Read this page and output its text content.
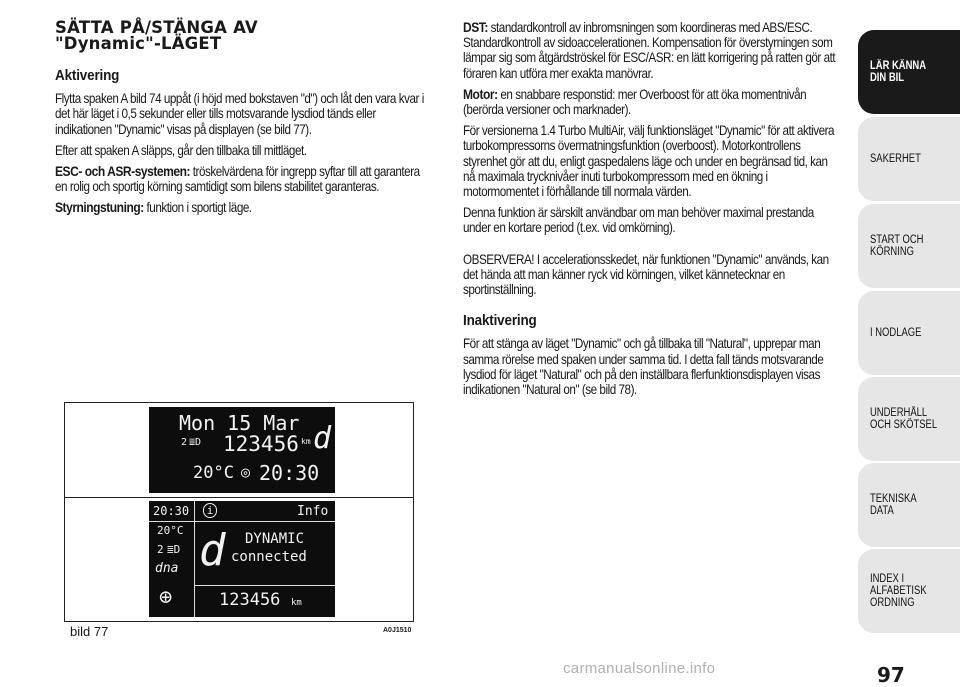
SÄTTA PÅ/STÄNGA AV
"Dynamic"-LÄGET
Aktivering

Flytta spaken A bild 74 uppåt (i höjd med bokstaven "d") och låt den vara kvar i det här läget i 0,5 sekunder eller tills motsvarande lysdiod tänds eller indikationen "Dynamic" visas på displayen (se bild 77).

Efter att spaken A släpps, går den tillbaka till mittläget.

ESC- och ASR-systemen: tröskelvärdena för ingrepp syftar till att garantera en rolig och sportig körning samtidigt som bilens stabilitet garanteras.

Styrningstuning: funktion i sportigt läge.

DST: standardkontroll av inbromsningen som koordineras med ABS/ESC. Standardkontroll av sidoaccelerationen. Kompensation för överstyrningen som lämpar sig som åtgärdströskel för ESC/ASR: en lätt korrigering på ratten gör att föraren kan utföra mer exakta manövrar.

Motor: en snabbare responstid: mer Overboost för att öka momentnivån (berörda versioner och marknader).

För versionerna 1.4 Turbo MultiAir, välj funktionsläget "Dynamic" för att aktivera turbokompressorns övermatningsfunktion (overboost). Motorkontrollens styrenhet gör att du, enligt gaspedalens läge och under en begränsad tid, kan nå maximala trycknivåer inuti turbokompressorn med en ökning i motormomentet i förhållande till normala värden.

Denna funktion är särskilt användbar om man behöver maximal prestanda under en kortare period (t.ex. vid omkörning).

OBSERVERA! I accelerationsskedet, när funktionen "Dynamic" används, kan det hända att man känner ryck vid körningen, vilket kännetecknar en sportinställning.

Inaktivering

För att stänga av läget "Dynamic" och gå tillbaka till "Natural", upprepar man samma rörelse med spaken under samma tid. I detta fall tänds motsvarande lysdiod för läget "Natural" och på den inställbara flerfunktionsdisplayen visas indikationen "Natural on" (se bild 78).

Mon 15 Mar
2 ≣D 123456 km d
20°C ◎ 20:30
20:30
20°C
2 ≣D
dna
⊕
i	Info
d DYNAMIC
connected
123456 km
bild 77	A0J1510
LÄR KÄNNA DIN BIL
SÄKERHET
START OCH KÖRNING
I NÖDLÄGE
UNDERHÅLL OCH SKÖTSEL
TEKNISKA DATA
INDEX I ALFABETISK ORDNING
97
carmanualsonline.info
